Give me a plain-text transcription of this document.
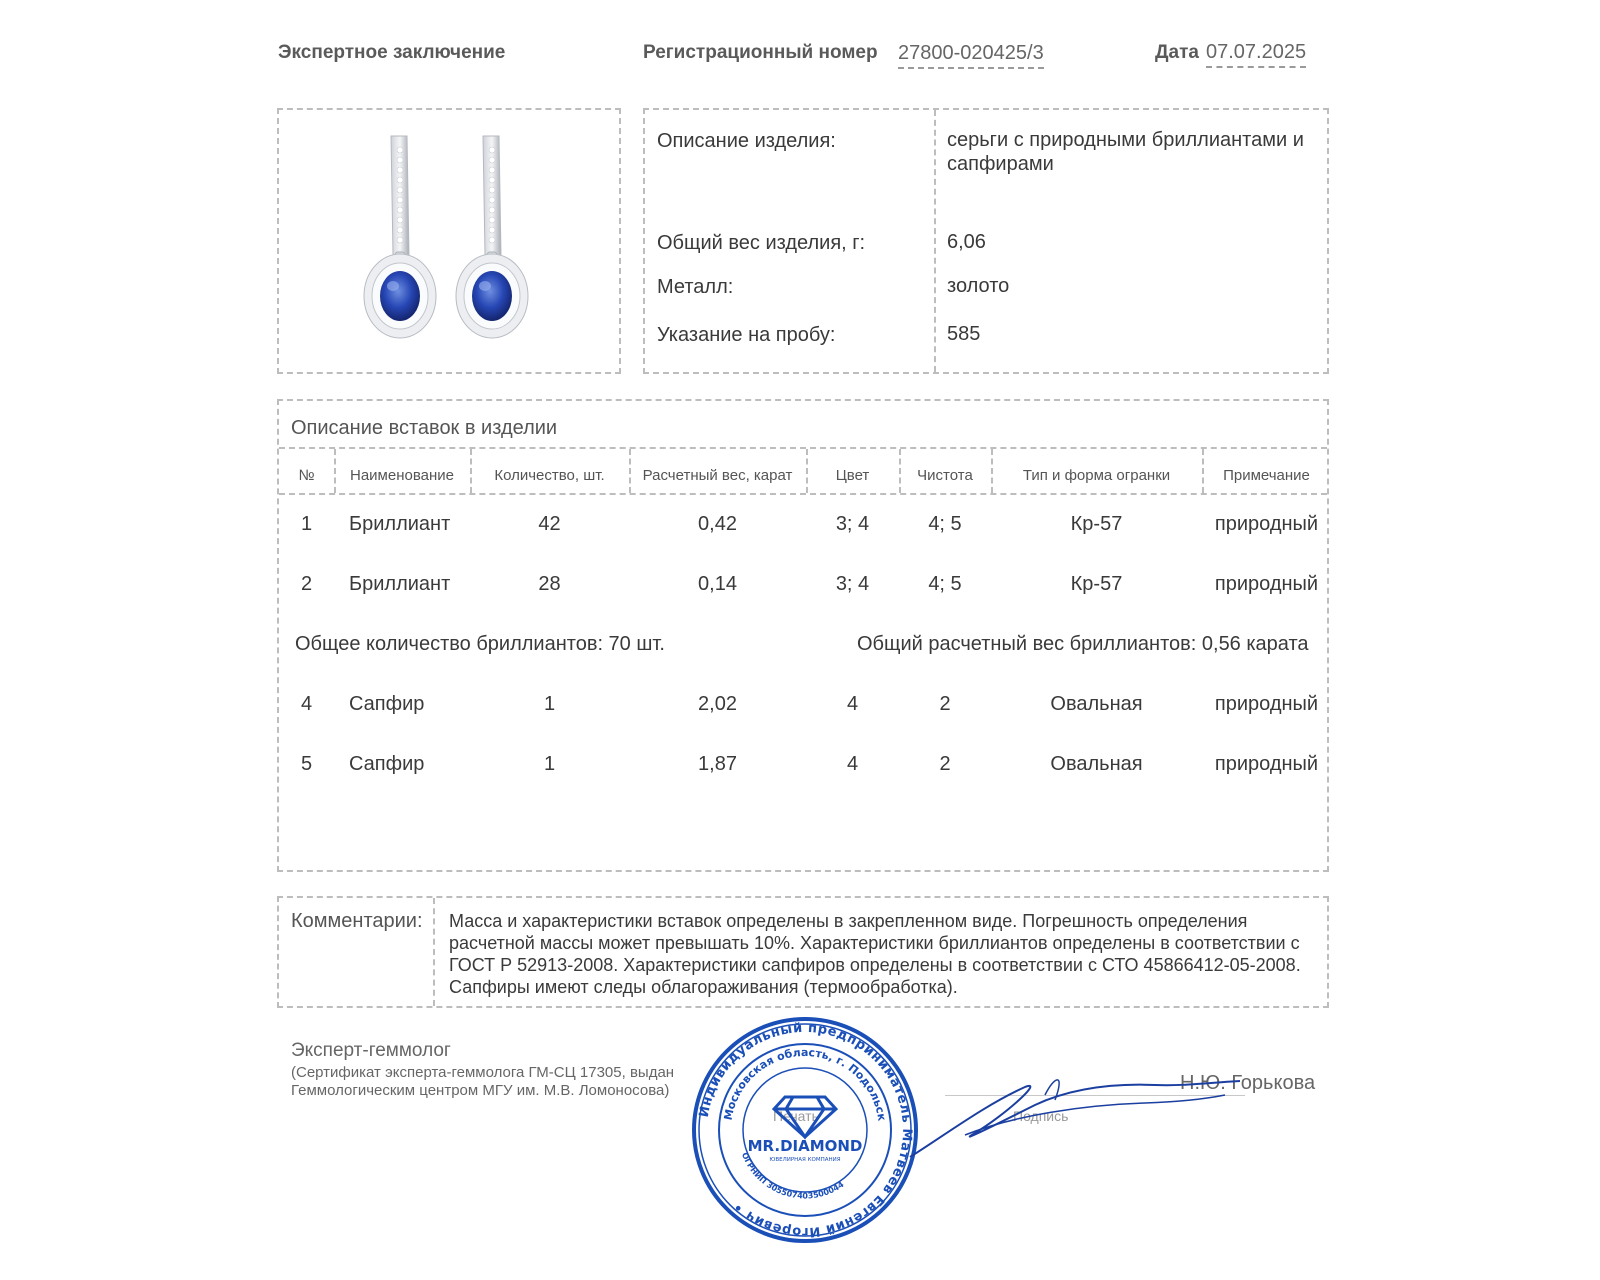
Экспертное заключение	Регистрационный номер 27800-020425/3	Дата 07.07.2025
Описание изделия:	серьги с природными бриллиантами и сапфирами
Общий вес изделия, г:	6,06
Металл:	золото
Указание на пробу:	585
Описание вставок в изделии
№	Наименование	Количество, шт.	Расчетный вес, карат	Цвет	Чистота	Тип и форма огранки	Примечание
1	Бриллиант	42	0,42	3; 4	4; 5	Кр-57	природный
2	Бриллиант	28	0,14	3; 4	4; 5	Кр-57	природный
Общее количество бриллиантов: 70 шт.	Общий расчетный вес бриллиантов: 0,56 карата
4	Сапфир	1	2,02	4	2	Овальная	природный
5	Сапфир	1	1,87	4	2	Овальная	природный
Комментарии: Масса и характеристики вставок определены в закрепленном виде. Погрешность определения расчетной массы может превышать 10%. Характеристики бриллиантов определены в соответствии с ГОСТ Р 52913-2008. Характеристики сапфиров определены в соответствии с СТО 45866412-05-2008. Сапфиры имеют следы облагораживания (термообработка).
Эксперт-геммолог
(Сертификат эксперта-геммолога ГМ-СЦ 17305, выдан Геммологическим центром МГУ им. М.В. Ломоносова)
Печать	Подпись
Н.Ю. Горькова
Индивидуальный предприниматель Матвеев Евгений Игоревич •
Московская область, г. Подольск
ОГРНИП 305507403500044
MR.DIAMOND
ЮВЕЛИРНАЯ КОМПАНИЯ
